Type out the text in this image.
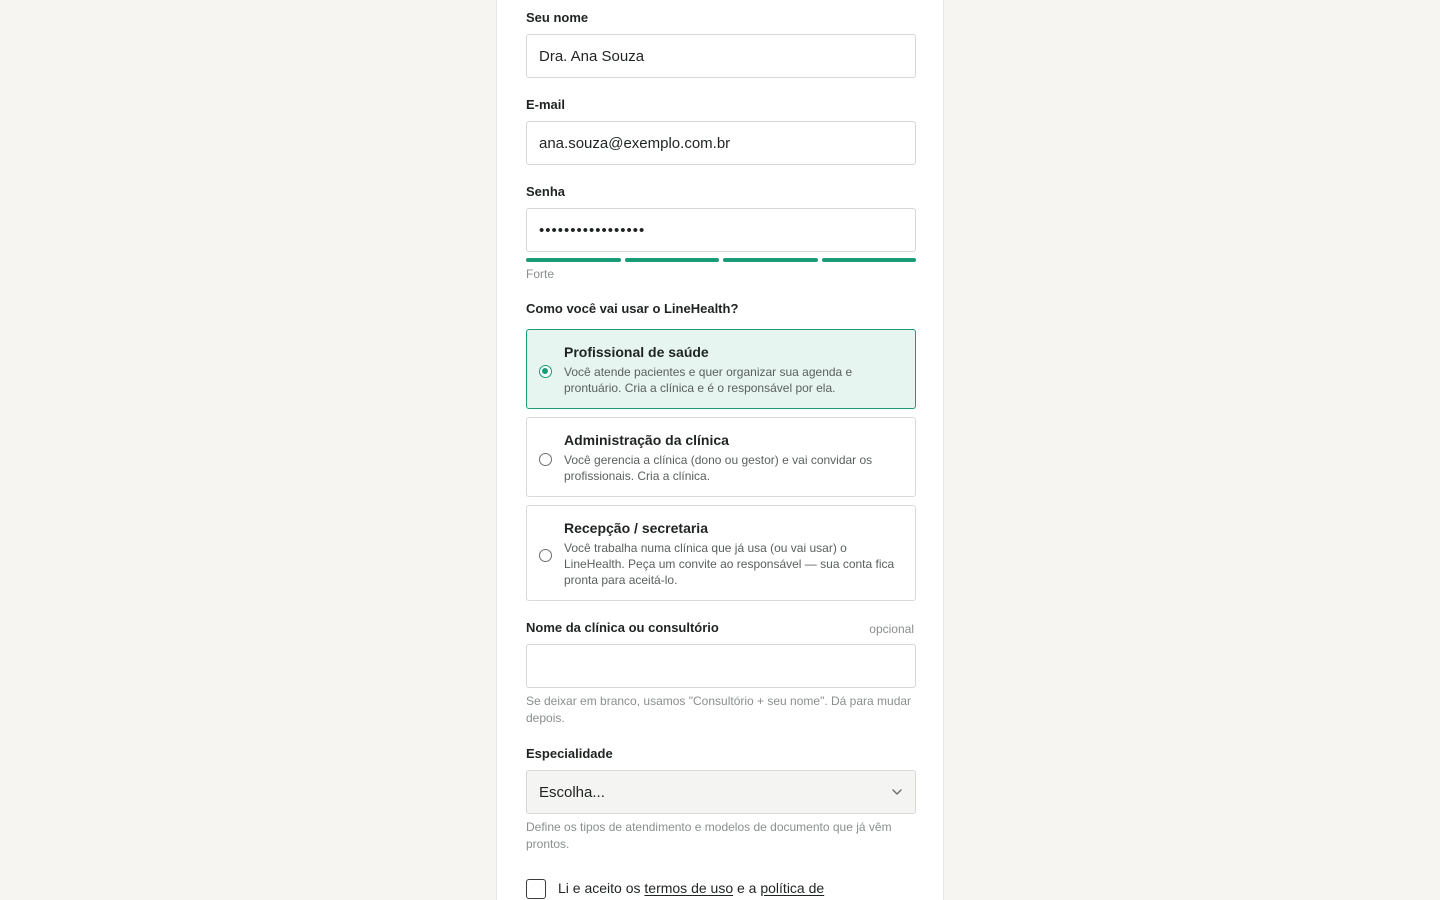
Seu nome
Dra. Ana Souza
E-mail
ana.souza@exemplo.com.br
Senha
•••••••••••••••••
Forte
Como você vai usar o LineHealth?
Profissional de saúde
Você atende pacientes e quer organizar sua agenda e prontuário. Cria a clínica e é o responsável por ela.
Administração da clínica
Você gerencia a clínica (dono ou gestor) e vai convidar os profissionais. Cria a clínica.
Recepção / secretaria
Você trabalha numa clínica que já usa (ou vai usar) o LineHealth. Peça um convite ao responsável — sua conta fica pronta para aceitá-lo.
Nome da clínica ou consultório	opcional
Se deixar em branco, usamos "Consultório + seu nome". Dá para mudar depois.
Especialidade
Escolha...
Define os tipos de atendimento e modelos de documento que já vêm prontos.
Li e aceito os termos de uso e a política de
